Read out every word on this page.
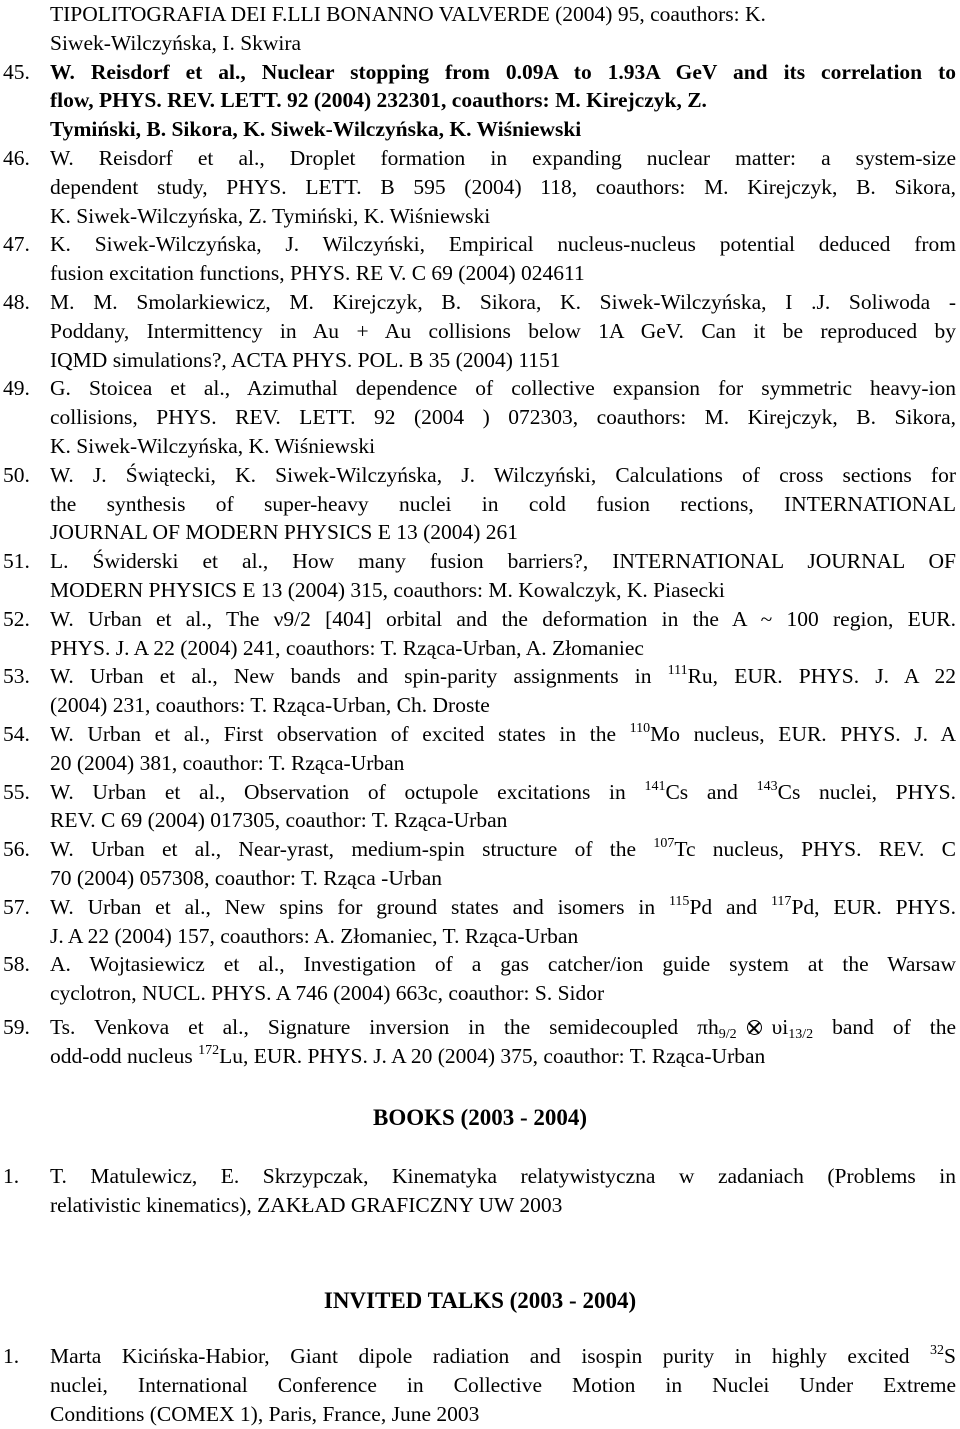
TIPOLITOGRAFIA DEI F.LLI BONANNO VALVERDE (2004) 95, coauthors: K.
Siwek-Wilczyńska, I. Skwira
45. W. Reisdorf et al., Nuclear stopping from 0.09A to 1.93A GeV and its correlation to
flow, PHYS. REV. LETT. 92 (2004) 232301, coauthors: M. Kirejczyk, Z.
Tymiński, B. Sikora, K. Siwek-Wilczyńska, K. Wiśniewski
46. W. Reisdorf et al., Droplet formation in expanding nuclear matter: a system-size
dependent study, PHYS. LETT. B 595 (2004) 118, coauthors: M. Kirejczyk, B. Sikora,
K. Siwek-Wilczyńska, Z. Tymiński, K. Wiśniewski
47. K. Siwek-Wilczyńska, J. Wilczyński, Empirical nucleus-nucleus potential deduced from
fusion excitation functions, PHYS. RE V. C 69 (2004) 024611
48. M. M. Smolarkiewicz, M. Kirejczyk, B. Sikora, K. Siwek-Wilczyńska, I .J. Soliwoda -
Poddany, Intermittency in Au + Au collisions below 1A GeV. Can it be reproduced by
IQMD simulations?, ACTA PHYS. POL. B 35 (2004) 1151
49. G. Stoicea et al., Azimuthal dependence of collective expansion for symmetric heavy-ion
collisions, PHYS. REV. LETT. 92 (2004 ) 072303, coauthors: M. Kirejczyk, B. Sikora,
K. Siwek-Wilczyńska, K. Wiśniewski
50. W. J. Świątecki, K. Siwek-Wilczyńska, J. Wilczyński, Calculations of cross sections for
the synthesis of super-heavy nuclei in cold fusion rections, INTERNATIONAL
JOURNAL OF MODERN PHYSICS E 13 (2004) 261
51. L. Świderski et al., How many fusion barriers?, INTERNATIONAL JOURNAL OF
MODERN PHYSICS E 13 (2004) 315, coauthors: M. Kowalczyk, K. Piasecki
52. W. Urban et al., The ν9/2 [404] orbital and the deformation in the A ~ 100 region, EUR.
PHYS. J. A 22 (2004) 241, coauthors: T. Rząca-Urban, A. Złomaniec
53. W. Urban et al., New bands and spin-parity assignments in $^{111}$Ru, EUR. PHYS. J. A 22
(2004) 231, coauthors: T. Rząca-Urban, Ch. Droste
54. W. Urban et al., First observation of excited states in the $^{110}$Mo nucleus, EUR. PHYS. J. A
20 (2004) 381, coauthor: T. Rząca-Urban
55. W. Urban et al., Observation of octupole excitations in $^{141}$Cs and $^{143}$Cs nuclei, PHYS.
REV. C 69 (2004) 017305, coauthor: T. Rząca-Urban
56. W. Urban et al., Near-yrast, medium-spin structure of the $^{107}$Tc nucleus, PHYS. REV. C
70 (2004) 057308, coauthor: T. Rząca -Urban
57. W. Urban et al., New spins for ground states and isomers in $^{115}$Pd and $^{117}$Pd, EUR. PHYS.
J. A 22 (2004) 157, coauthors: A. Złomaniec, T. Rząca-Urban
58. A. Wojtasiewicz et al., Investigation of a gas catcher/ion guide system at the Warsaw
cyclotron, NUCL. PHYS. A 746 (2004) 663c, coauthor: S. Sidor
59. Ts. Venkova et al., Signature inversion in the semidecoupled $\pi h_{9/2}$ $\upsilon i_{13/2}$ band of the
odd-odd nucleus $^{172}$Lu, EUR. PHYS. J. A 20 (2004) 375, coauthor: T. Rząca-Urban
BOOKS (2003 - 2004)
1. T. Matulewicz, E. Skrzypczak, Kinematyka relatywistyczna w zadaniach (Problems in
relativistic kinematics), ZAKŁAD GRAFICZNY UW 2003
INVITED TALKS (2003 - 2004)
1. Marta Kicińska-Habior, Giant dipole radiation and isospin purity in highly excited $^{32}$S
nuclei, International Conference in Collective Motion in Nuclei Under Extreme
Conditions (COMEX 1), Paris, France, June 2003
